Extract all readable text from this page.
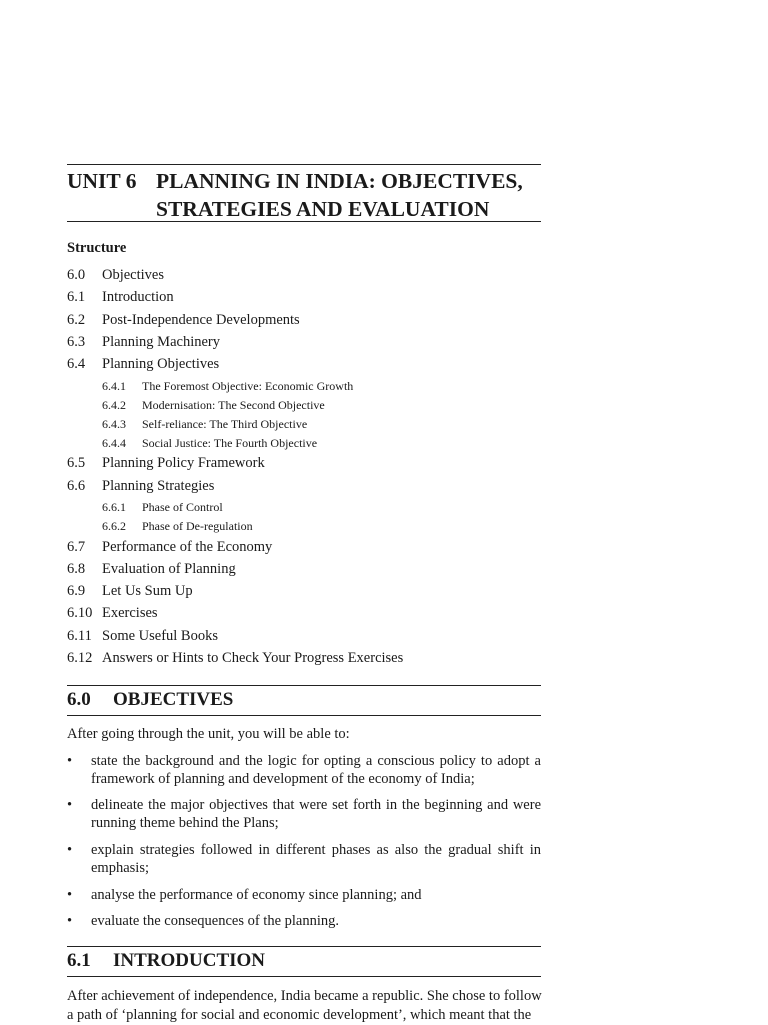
UNIT 6 PLANNING IN INDIA: OBJECTIVES,
STRATEGIES AND EVALUATION
Structure
6.0 Objectives
6.1 Introduction
6.2 Post-Independence Developments
6.3 Planning Machinery
6.4 Planning Objectives
6.4.1 The Foremost Objective: Economic Growth
6.4.2 Modernisation: The Second Objective
6.4.3 Self-reliance: The Third Objective
6.4.4 Social Justice: The Fourth Objective
6.5 Planning Policy Framework
6.6 Planning Strategies
6.6.1 Phase of Control
6.6.2 Phase of De-regulation
6.7 Performance of the Economy
6.8 Evaluation of Planning
6.9 Let Us Sum Up
6.10 Exercises
6.11 Some Useful Books
6.12 Answers or Hints to Check Your Progress Exercises
6.0 OBJECTIVES
After going through the unit, you will be able to:
• state the background and the logic for opting a conscious policy to adopt a framework of planning and development of the economy of India;
• delineate the major objectives that were set forth in the beginning and were running theme behind the Plans;
• explain strategies followed in different phases as also the gradual shift in emphasis;
• analyse the performance of economy since planning; and
• evaluate the consequences of the planning.
6.1 INTRODUCTION
After achievement of independence, India became a republic. She chose to follow
a path of ‘planning for social and economic development’, which meant that the
